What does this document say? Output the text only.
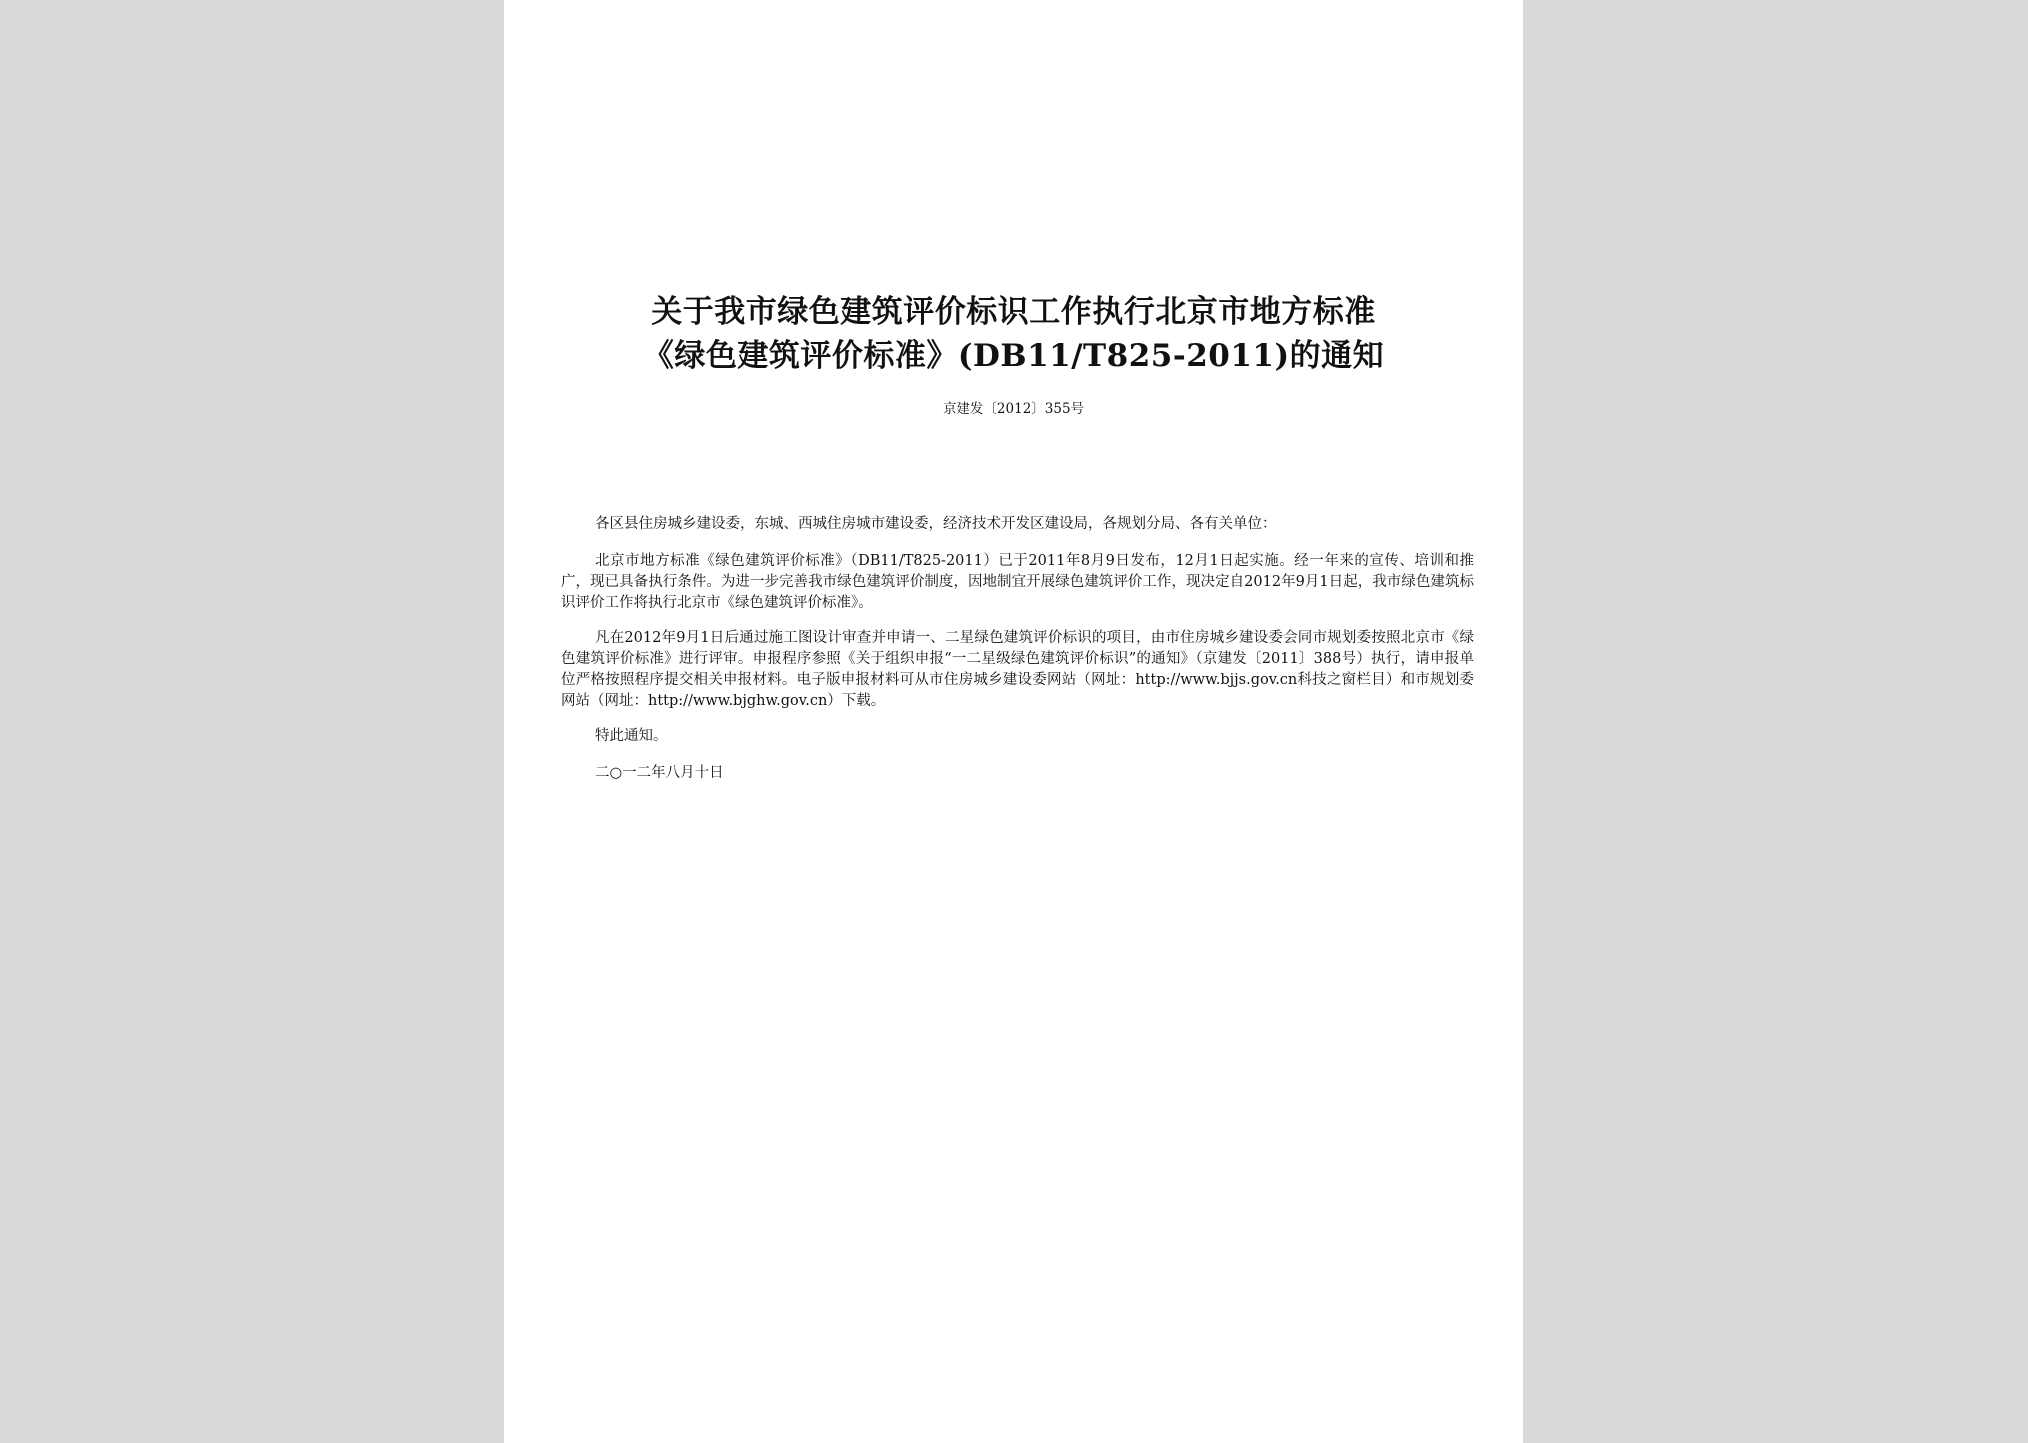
关于我市绿色建筑评价标识工作执行北京市地方标准
《绿色建筑评价标准》(DB11/T825-2011)的通知
京建发〔2012〕355号

各区县住房城乡建设委，东城、西城住房城市建设委，经济技术开发区建设局，各规划分局、各有关单位：

北京市地方标准《绿色建筑评价标准》（DB11/T825-2011）已于2011年8月9日发布，12月1日起实施。经一年来的宣传、培训和推广，现已具备执行条件。为进一步完善我市绿色建筑评价制度，因地制宜开展绿色建筑评价工作，现决定自2012年9月1日起，我市绿色建筑标识评价工作将执行北京市《绿色建筑评价标准》。

凡在2012年9月1日后通过施工图设计审查并申请一、二星绿色建筑评价标识的项目，由市住房城乡建设委会同市规划委按照北京市《绿色建筑评价标准》进行评审。申报程序参照《关于组织申报“一二星级绿色建筑评价标识”的通知》（京建发〔2011〕388号）执行，请申报单位严格按照程序提交相关申报材料。电子版申报材料可从市住房城乡建设委网站（网址：http://www.bjjs.gov.cn科技之窗栏目）和市规划委网站（网址：http://www.bjghw.gov.cn）下载。

特此通知。

二○一二年八月十日
